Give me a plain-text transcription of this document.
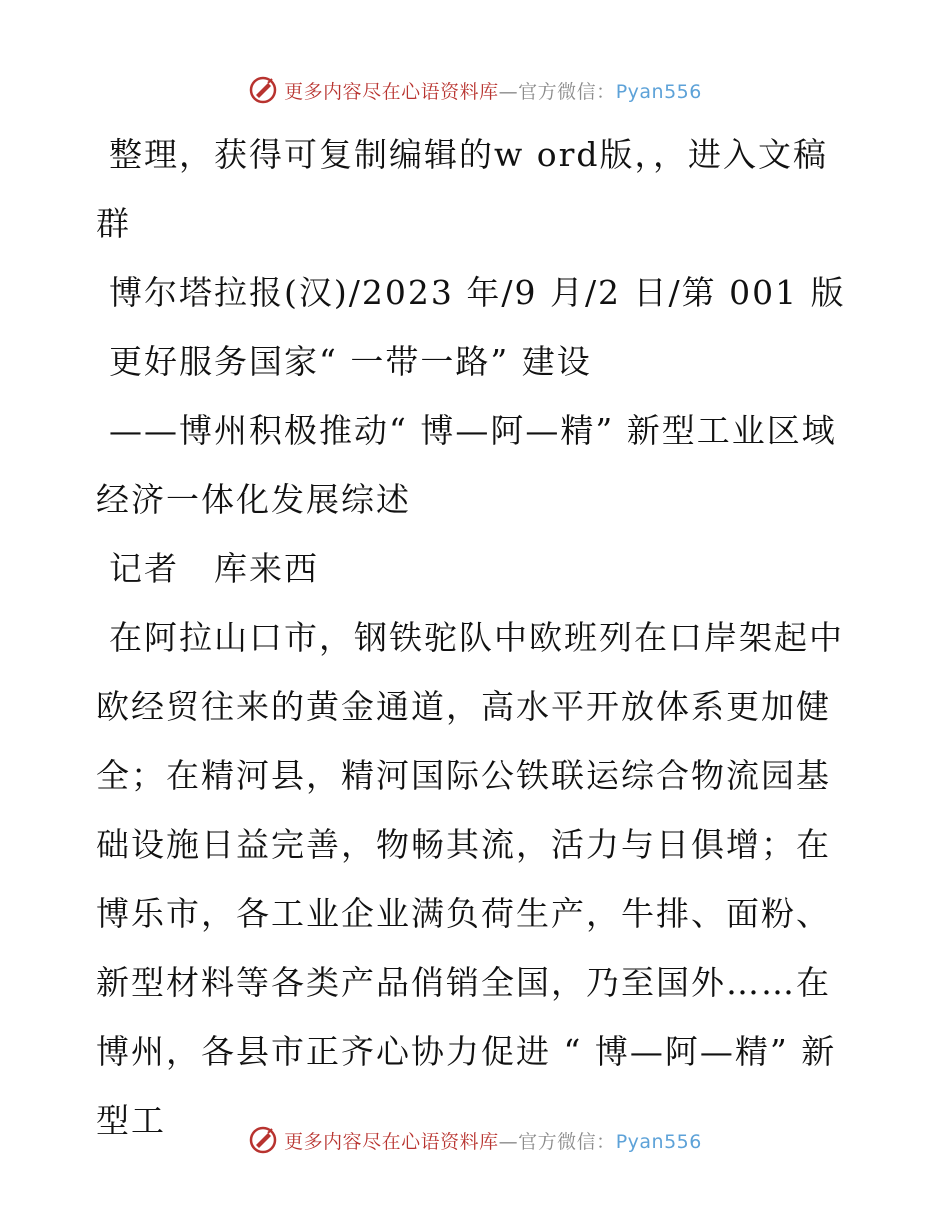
更多内容尽在心语资料库—官方微信：Pyan556

整理，获得可复制编辑的w ord版，，进入文稿群

博尔塔拉报(汉)/2023 年/9 月/2 日/第 001 版

更好服务国家“ 一带一路” 建设

——博州积极推动“ 博—阿—精” 新型工业区域经济一体化发展综述

记者　库来西

在阿拉山口市，钢铁驼队中欧班列在口岸架起中欧经贸往来的黄金通道，高水平开放体系更加健全；在精河县，精河国际公铁联运综合物流园基础设施日益完善，物畅其流，活力与日俱增；在博乐市，各工业企业满负荷生产，牛排、面粉、新型材料等各类产品俏销全国，乃至国外……在博州，各县市正齐心协力促进 “ 博—阿—精” 新型工

更多内容尽在心语资料库—官方微信：Pyan556
